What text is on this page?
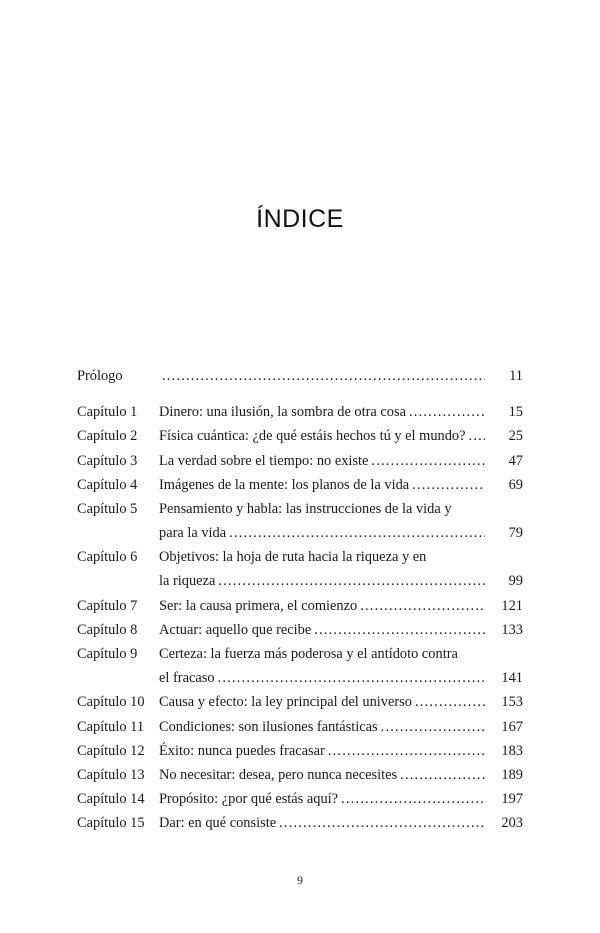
ÍNDICE
Prólogo .....	11
Capítulo 1	Dinero: una ilusión, la sombra de otra cosa .....	15
Capítulo 2	Física cuántica: ¿de qué estáis hechos tú y el mundo? .....	25
Capítulo 3	La verdad sobre el tiempo: no existe .....	47
Capítulo 4	Imágenes de la mente: los planos de la vida .....	69
Capítulo 5	Pensamiento y habla: las instrucciones de la vida y
para la vida .....	79
Capítulo 6	Objetivos: la hoja de ruta hacia la riqueza y en
la riqueza .....	99
Capítulo 7	Ser: la causa primera, el comienzo .....	121
Capítulo 8	Actuar: aquello que recibe .....	133
Capítulo 9	Certeza: la fuerza más poderosa y el antídoto contra
el fracaso .....	141
Capítulo 10	Causa y efecto: la ley principal del universo .....	153
Capítulo 11	Condiciones: son ilusiones fantásticas .....	167
Capítulo 12	Éxito: nunca puedes fracasar .....	183
Capítulo 13	No necesitar: desea, pero nunca necesites .....	189
Capítulo 14	Propósito: ¿por qué estás aquí? .....	197
Capítulo 15	Dar: en qué consiste .....	203
9
